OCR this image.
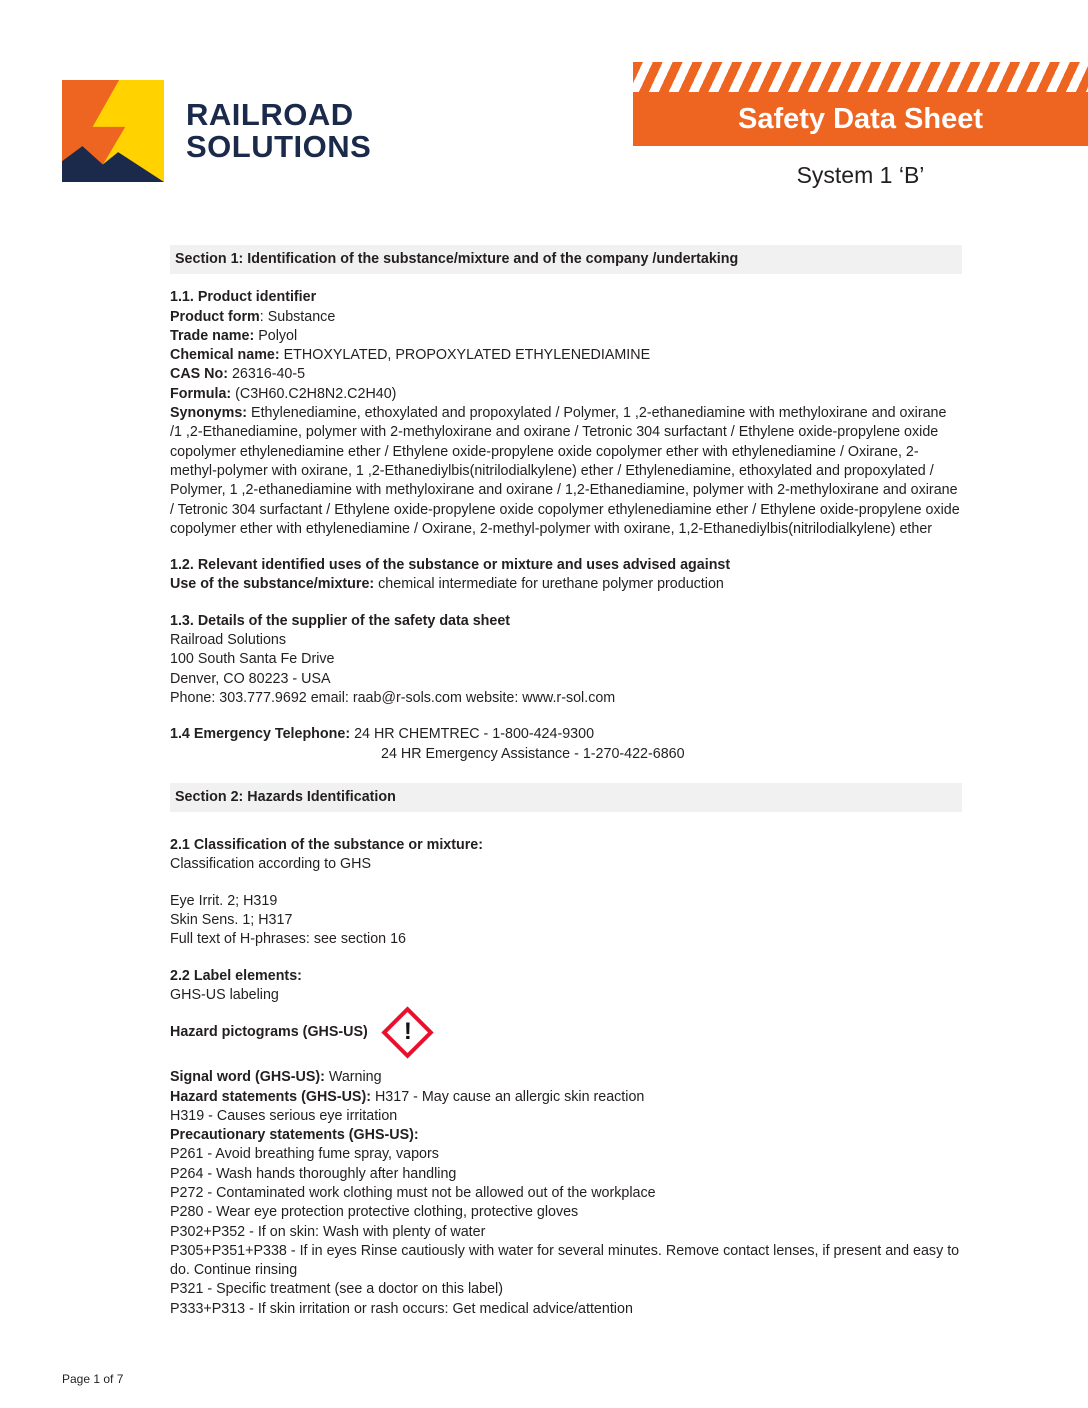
RAILROAD
SOLUTIONS
Safety Data Sheet
System 1 ‘B’
Section 1: Identification of the substance/mixture and of the company /undertaking

1.1. Product identifier

Product form: Substance

Trade name: Polyol

Chemical name: ETHOXYLATED, PROPOXYLATED ETHYLENEDIAMINE

CAS No: 26316-40-5

Formula: (C3H60.C2H8N2.C2H40)

Synonyms: Ethylenediamine, ethoxylated and propoxylated / Polymer, 1 ,2-ethanediamine with methyloxirane and oxirane /1 ,2-Ethanediamine, polymer with 2-methyloxirane and oxirane / Tetronic 304 surfactant / Ethylene oxide-propylene oxide copolymer ethylenediamine ether / Ethylene oxide-propylene oxide copolymer ether with ethylenediamine / Oxirane, 2-methyl-polymer with oxirane, 1 ,2-Ethanediylbis(nitrilodialkylene) ether / Ethylenediamine, ethoxylated and propoxylated / Polymer, 1 ,2-ethanediamine with methyloxirane and oxirane / 1,2-Ethanediamine, polymer with 2-methyloxirane and oxirane / Tetronic 304 surfactant / Ethylene oxide-propylene oxide copolymer ethylenediamine ether / Ethylene oxide-propylene oxide copolymer ether with ethylenediamine / Oxirane, 2-methyl-polymer with oxirane, 1,2-Ethanediylbis(nitrilodialkylene) ether

1.2. Relevant identified uses of the substance or mixture and uses advised against

Use of the substance/mixture: chemical intermediate for urethane polymer production

1.3. Details of the supplier of the safety data sheet

Railroad Solutions

100 South Santa Fe Drive

Denver, CO 80223 - USA

Phone: 303.777.9692 email: raab@r-sols.com website: www.r-sol.com

1.4 Emergency Telephone: 24 HR CHEMTREC - 1-800-424-9300

24 HR Emergency Assistance - 1-270-422-6860

Section 2: Hazards Identification

2.1 Classification of the substance or mixture:

Classification according to GHS

Eye Irrit. 2; H319

Skin Sens. 1; H317

Full text of H-phrases: see section 16

2.2 Label elements:

GHS-US labeling

Hazard pictograms (GHS-US)	!

Signal word (GHS-US): Warning

Hazard statements (GHS-US): H317 - May cause an allergic skin reaction

H319 - Causes serious eye irritation

Precautionary statements (GHS-US):

P261 - Avoid breathing fume spray, vapors

P264 - Wash hands thoroughly after handling

P272 - Contaminated work clothing must not be allowed out of the workplace

P280 - Wear eye protection protective clothing, protective gloves

P302+P352 - If on skin: Wash with plenty of water

P305+P351+P338 - If in eyes Rinse cautiously with water for several minutes. Remove contact lenses, if present and easy to do. Continue rinsing

P321 - Specific treatment (see a doctor on this label)

P333+P313 - If skin irritation or rash occurs: Get medical advice/attention

Page 1 of 7
